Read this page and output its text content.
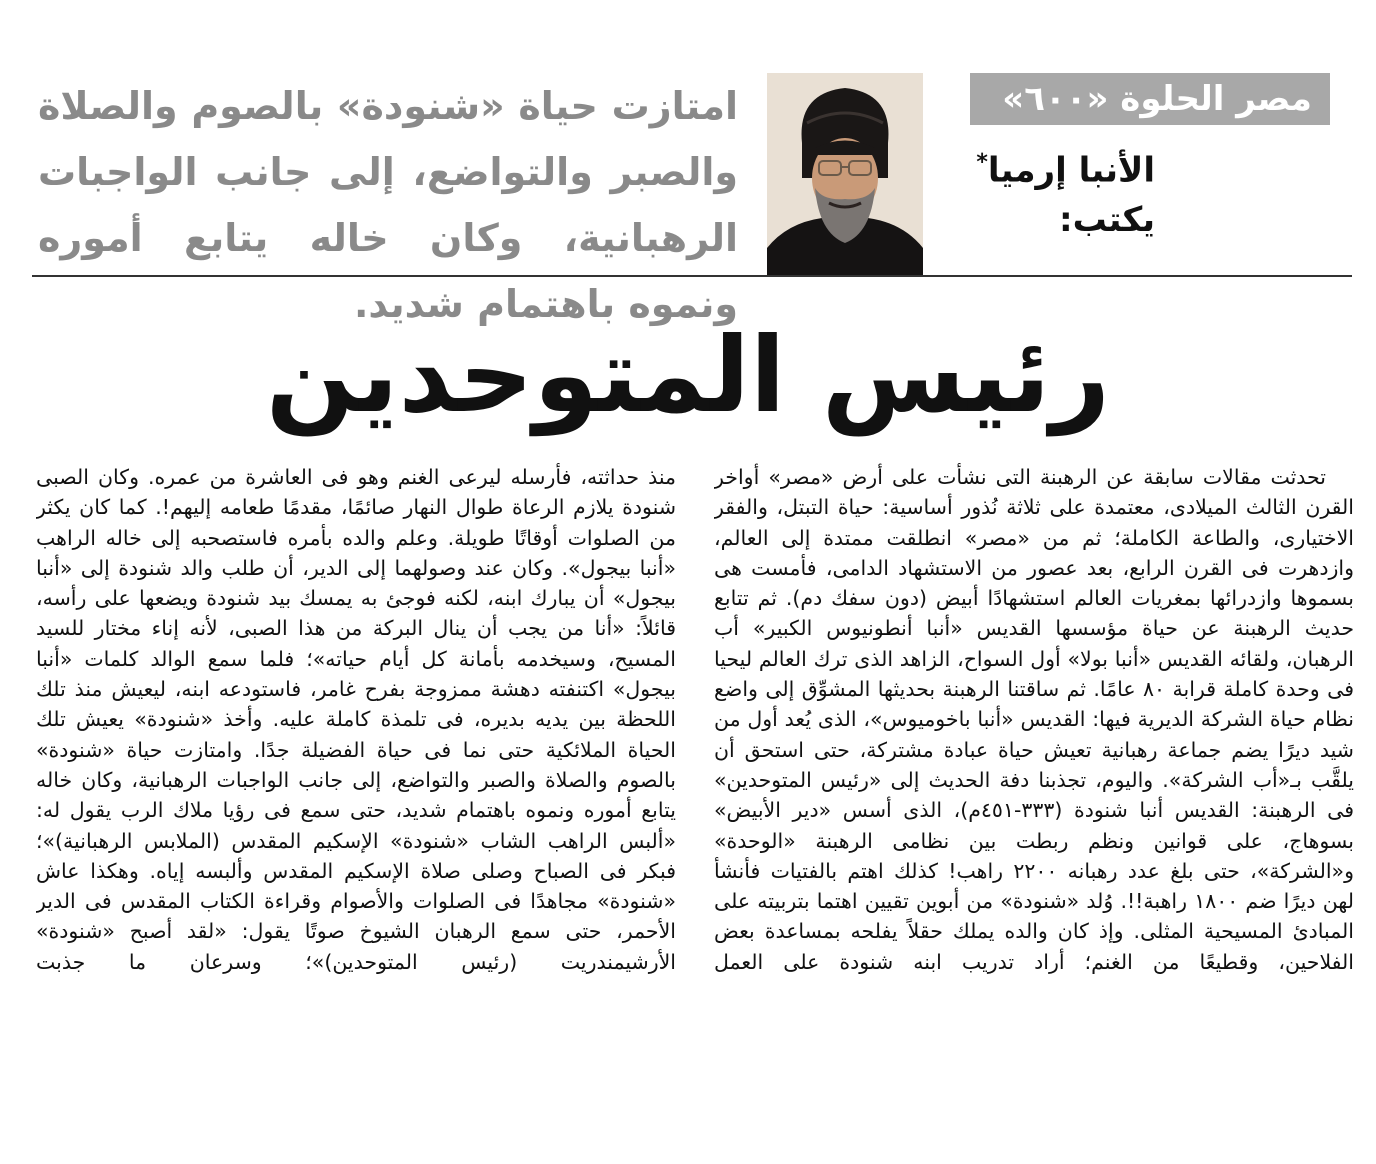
مصر الحلوة «٦٠٠»
الأنبا إرميا*
يكتب:
امتازت حياة «شنودة» بالصوم والصلاة والصبر والتواضع، إلى جانب الواجبات الرهبانية، وكان خاله يتابع أموره ونموه باهتمام شديد.
رئيس المتوحدين

تحدثت مقالات سابقة عن الرهبنة التى نشأت على أرض «مصر» أواخر القرن الثالث الميلادى، معتمدة على ثلاثة نُذور أساسية: حياة التبتل، والفقر الاختيارى، والطاعة الكاملة؛ ثم من «مصر» انطلقت ممتدة إلى العالم، وازدهرت فى القرن الرابع، بعد عصور من الاستشهاد الدامى، فأمست هى بسموها وازدرائها بمغريات العالم استشهادًا أبيض (دون سفك دم). ثم تتابع حديث الرهبنة عن حياة مؤسسها القديس «أنبا أنطونيوس الكبير» أب الرهبان، ولقائه القديس «أنبا بولا» أول السواح، الزاهد الذى ترك العالم ليحيا فى وحدة كاملة قرابة ٨٠ عامًا. ثم ساقتنا الرهبنة بحديثها المشوِّق إلى واضع نظام حياة الشركة الديرية فيها: القديس «أنبا باخوميوس»، الذى يُعد أول من شيد ديرًا يضم جماعة رهبانية تعيش حياة عبادة مشتركة، حتى استحق أن يلقَّب بـ«أب الشركة». واليوم، تجذبنا دفة الحديث إلى «رئيس المتوحدين» فى الرهبنة: القديس أنبا شنودة (٣٣٣-٤٥١م)، الذى أسس «دير الأبيض» بسوهاج، على قوانين ونظم ربطت بين نظامى الرهبنة «الوحدة» و«الشركة»، حتى بلغ عدد رهبانه ٢٢٠٠ راهب! كذلك اهتم بالفتيات فأنشأ لهن ديرًا ضم ١٨٠٠ راهبة!!. وُلد «شنودة» من أبوين تقيين اهتما بتربيته على المبادئ المسيحية المثلى. وإذ كان والده يملك حقلاً يفلحه بمساعدة بعض الفلاحين، وقطيعًا من الغنم؛ أراد تدريب ابنه شنودة على العمل

منذ حداثته، فأرسله ليرعى الغنم وهو فى العاشرة من عمره. وكان الصبى شنودة يلازم الرعاة طوال النهار صائمًا، مقدمًا طعامه إليهم!. كما كان يكثر من الصلوات أوقاتًا طويلة. وعلم والده بأمره فاستصحبه إلى خاله الراهب «أنبا بيجول». وكان عند وصولهما إلى الدير، أن طلب والد شنودة إلى «أنبا بيجول» أن يبارك ابنه، لكنه فوجئ به يمسك بيد شنودة ويضعها على رأسه، قائلاً: «أنا من يجب أن ينال البركة من هذا الصبى، لأنه إناء مختار للسيد المسيح، وسيخدمه بأمانة كل أيام حياته»؛ فلما سمع الوالد كلمات «أنبا بيجول» اكتنفته دهشة ممزوجة بفرح غامر، فاستودعه ابنه، ليعيش منذ تلك اللحظة بين يديه بديره، فى تلمذة كاملة عليه. وأخذ «شنودة» يعيش تلك الحياة الملائكية حتى نما فى حياة الفضيلة جدًا. وامتازت حياة «شنودة» بالصوم والصلاة والصبر والتواضع، إلى جانب الواجبات الرهبانية، وكان خاله يتابع أموره ونموه باهتمام شديد، حتى سمع فى رؤيا ملاك الرب يقول له: «ألبس الراهب الشاب «شنودة» الإسكيم المقدس (الملابس الرهبانية)»؛ فبكر فى الصباح وصلى صلاة الإسكيم المقدس وألبسه إياه. وهكذا عاش «شنودة» مجاهدًا فى الصلوات والأصوام وقراءة الكتاب المقدس فى الدير الأحمر، حتى سمع الرهبان الشيوخ صوتًا يقول: «لقد أصبح «شنودة» الأرشيمندريت (رئيس المتوحدين)»؛ وسرعان ما جذبت
